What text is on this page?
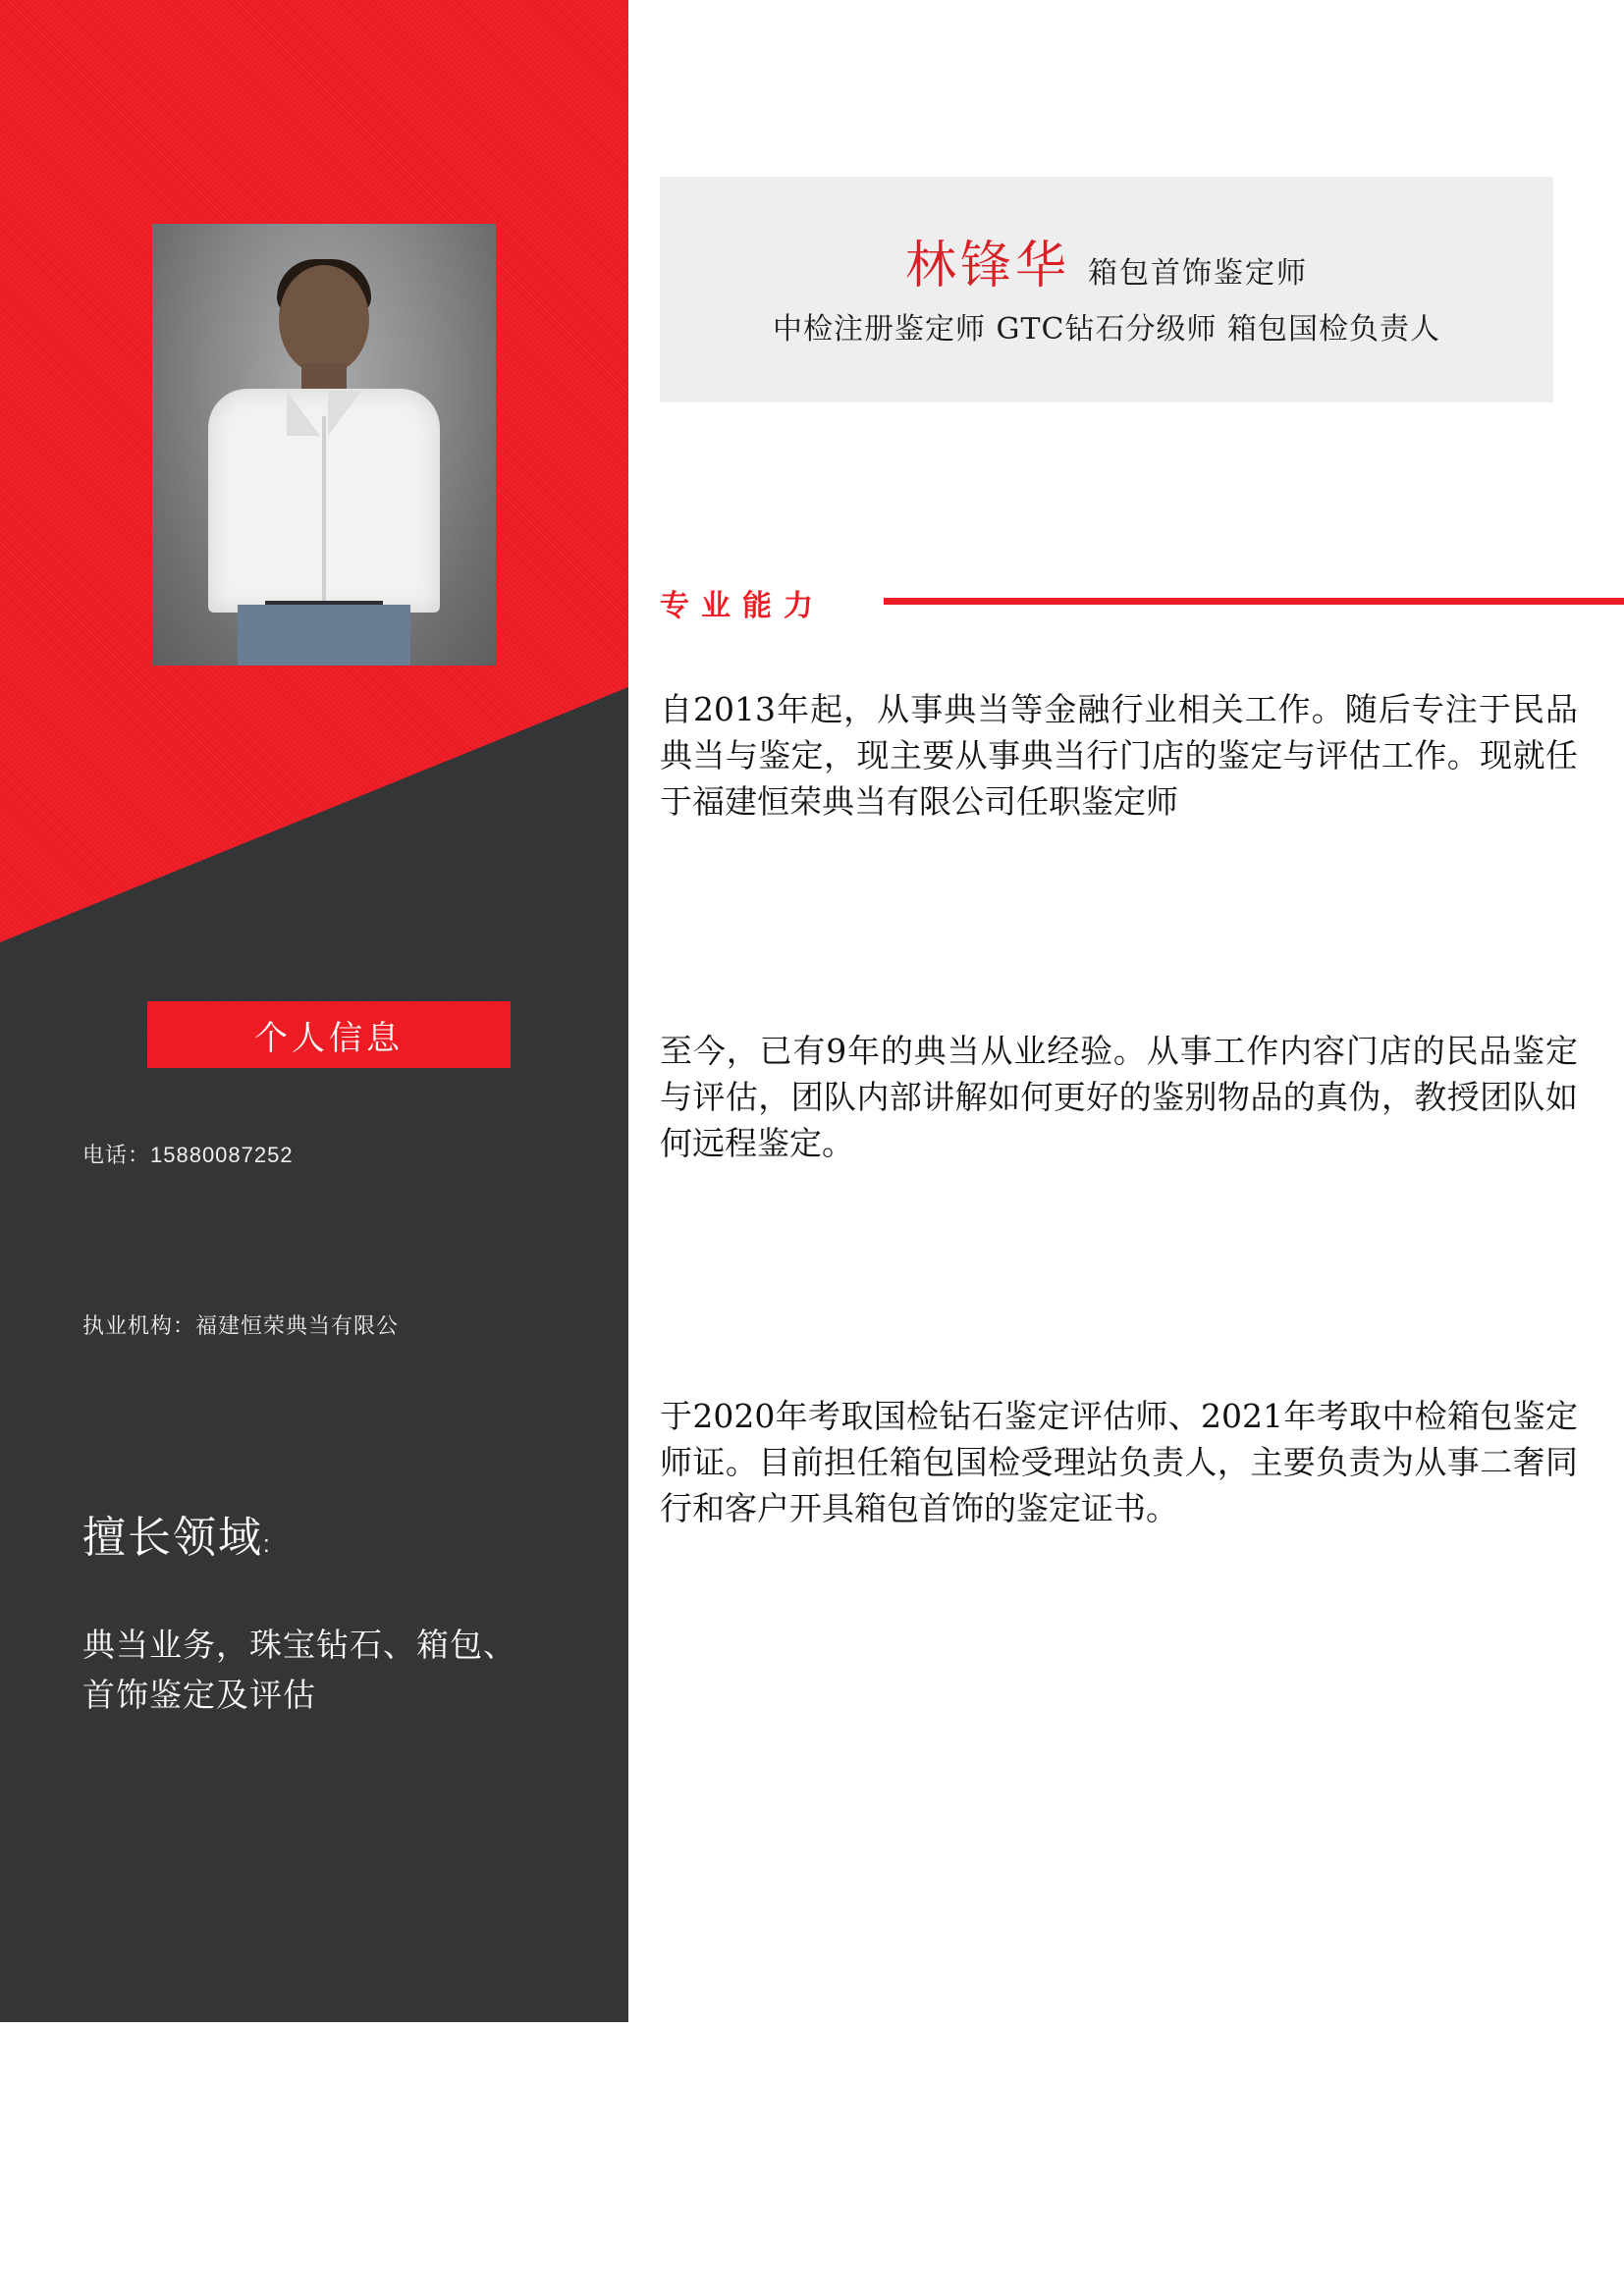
个人信息
电话：15880087252
执业机构：福建恒荣典当有限公
擅长领域:
典当业务，珠宝钻石、箱包、首饰鉴定及评估
林锋华 箱包首饰鉴定师
中检注册鉴定师 GTC钻石分级师 箱包国检负责人
专业能力
自2013年起，从事典当等金融行业相关工作。随后专注于民品典当与鉴定，现主要从事典当行门店的鉴定与评估工作。现就任于福建恒荣典当有限公司任职鉴定师
至今，已有9年的典当从业经验。从事工作内容门店的民品鉴定与评估，团队内部讲解如何更好的鉴别物品的真伪，教授团队如何远程鉴定。
于2020年考取国检钻石鉴定评估师、2021年考取中检箱包鉴定师证。目前担任箱包国检受理站负责人，主要负责为从事二奢同行和客户开具箱包首饰的鉴定证书。
